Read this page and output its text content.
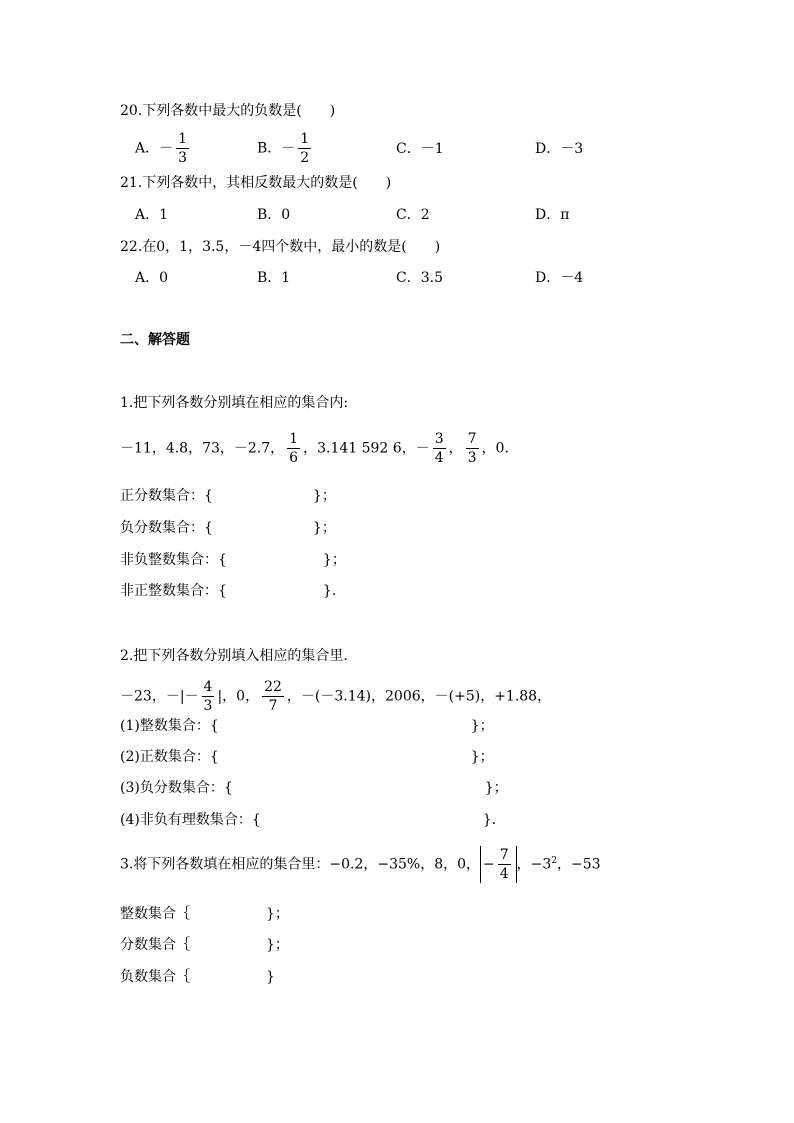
20.下列各数中最大的负数是(　　)
A．－ $\frac{1}{3}$	B．－ $\frac{1}{2}$	C．－1	D．－3
21.下列各数中，其相反数最大的数是(　　)
A．1	B．0	C．2	D．π
22.在0，1，3.5，－4四个数中，最小的数是(　　)
A．0	B．1	C．3.5	D．－4
二、解答题
1.把下列各数分别填在相应的集合内:
－11，4.8，73，－2.7， $\frac{1}{6}$ ，3.141 592 6，－ $\frac{3}{4}$ ， $\frac{7}{3}$ ，0.
正分数集合：{	}；
负分数集合：{	}；
非负整数集合：{	}；
非正整数集合：{	}.
2.把下列各数分别填入相应的集合里.
－23，－|－ $\frac{4}{3}$ |，0， $\frac{22}{7}$ ，－(－3.14)，2006，－(+5)，+1.88，
(1)整数集合：{	}；
(2)正数集合：{	}；
(3)负分数集合：{	}；
(4)非负有理数集合：{	}.
3.将下列各数填在相应的集合里：−0.2，−35%，8，0， − $\frac{7}{4}$ ，$-3^2$，−53
整数集合｛	}；
分数集合｛	}；
负数集合｛	}
